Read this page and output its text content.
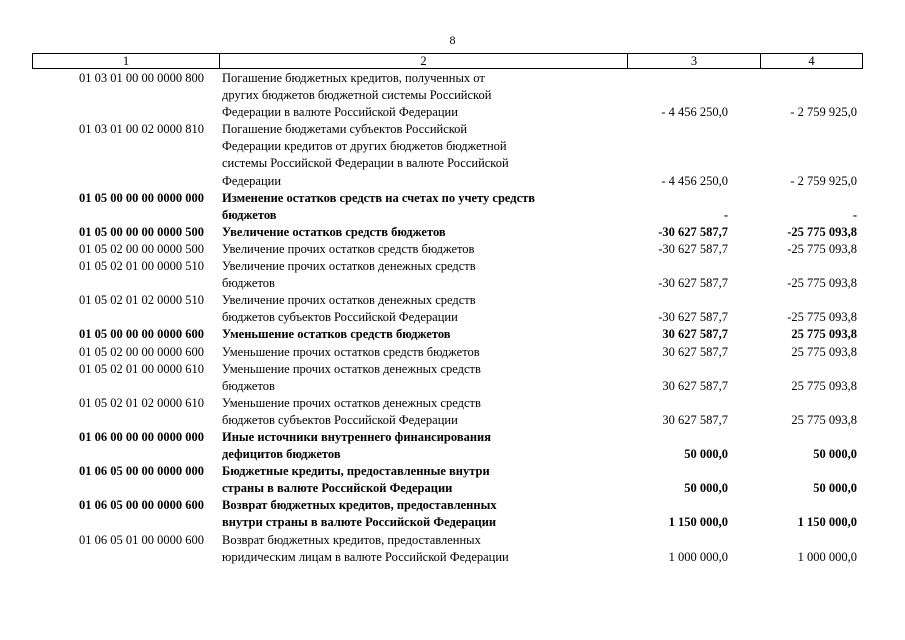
8
1	2	3	4
01 03 01 00 00 0000 800 Погашение бюджетных кредитов, полученных от
других бюджетов бюджетной системы Российской
Федерации в валюте Российской Федерации	- 4 456 250,0	- 2 759 925,0
01 03 01 00 02 0000 810 Погашение бюджетами субъектов Российской
Федерации кредитов от других бюджетов бюджетной
системы Российской Федерации в валюте Российской
Федерации	- 4 456 250,0	- 2 759 925,0
01 05 00 00 00 0000 000 Изменение остатков средств на счетах по учету средств
бюджетов	-	-
01 05 00 00 00 0000 500 Увеличение остатков средств бюджетов	-30 627 587,7	-25 775 093,8
01 05 02 00 00 0000 500 Увеличение прочих остатков средств бюджетов	-30 627 587,7	-25 775 093,8
01 05 02 01 00 0000 510 Увеличение прочих остатков денежных средств
бюджетов	-30 627 587,7	-25 775 093,8
01 05 02 01 02 0000 510 Увеличение прочих остатков денежных средств
бюджетов субъектов Российской Федерации	-30 627 587,7	-25 775 093,8
01 05 00 00 00 0000 600 Уменьшение остатков средств бюджетов	30 627 587,7	25 775 093,8
01 05 02 00 00 0000 600 Уменьшение прочих остатков средств бюджетов	30 627 587,7	25 775 093,8
01 05 02 01 00 0000 610 Уменьшение прочих остатков денежных средств
бюджетов	30 627 587,7	25 775 093,8
01 05 02 01 02 0000 610 Уменьшение прочих остатков денежных средств
бюджетов субъектов Российской Федерации	30 627 587,7	25 775 093,8
01 06 00 00 00 0000 000 Иные источники внутреннего финансирования
дефицитов бюджетов	50 000,0	50 000,0
01 06 05 00 00 0000 000 Бюджетные кредиты, предоставленные внутри
страны в валюте Российской Федерации	50 000,0	50 000,0
01 06 05 00 00 0000 600 Возврат бюджетных кредитов, предоставленных
внутри страны в валюте Российской Федерации	1 150 000,0	1 150 000,0
01 06 05 01 00 0000 600 Возврат бюджетных кредитов, предоставленных
юридическим лицам в валюте Российской Федерации	1 000 000,0	1 000 000,0
